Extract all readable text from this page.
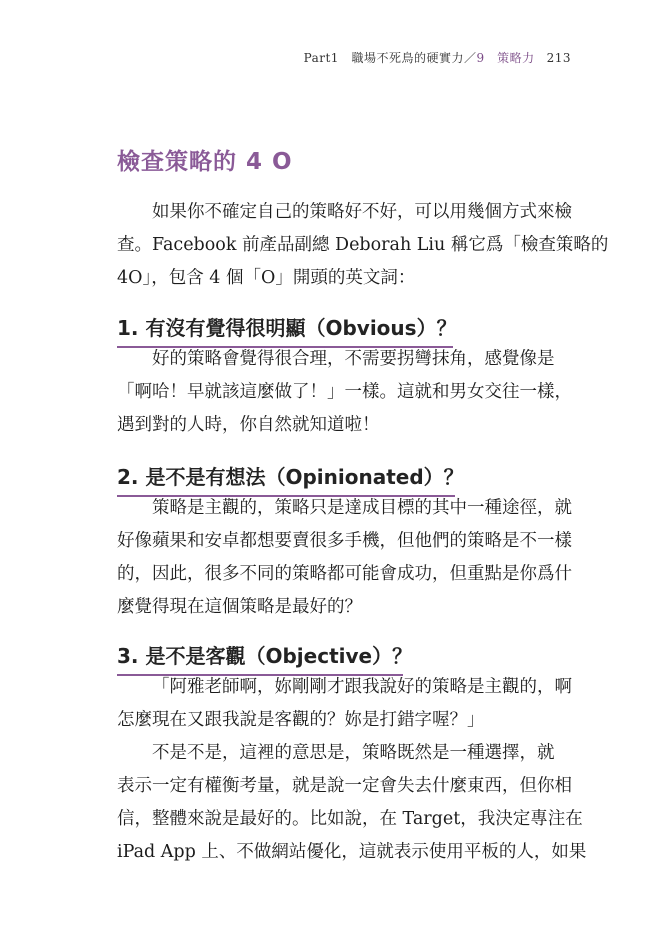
Part1　職場不死鳥的硬實力／9　策略力 213
檢查策略的 4 O
如果你不確定自己的策略好不好，可以用幾個方式來檢
查。Facebook 前產品副總 Deborah Liu 稱它爲「檢查策略的
4O」，包含 4 個「O」開頭的英文詞：
1. 有沒有覺得很明顯（Obvious）？
好的策略會覺得很合理，不需要拐彎抹角，感覺像是
「啊哈！早就該這麼做了！」一樣。這就和男女交往一樣，
遇到對的人時，你自然就知道啦！
2. 是不是有想法（Opinionated）？
策略是主觀的，策略只是達成目標的其中一種途徑，就
好像蘋果和安卓都想要賣很多手機，但他們的策略是不一樣
的，因此，很多不同的策略都可能會成功，但重點是你爲什
麼覺得現在這個策略是最好的？
3. 是不是客觀（Objective）？
「阿雅老師啊，妳剛剛才跟我說好的策略是主觀的，啊
怎麼現在又跟我說是客觀的？妳是打錯字喔？」
不是不是，這裡的意思是，策略既然是一種選擇，就
表示一定有權衡考量，就是說一定會失去什麼東西，但你相
信，整體來說是最好的。比如說，在 Target，我決定專注在
iPad App 上、不做網站優化，這就表示使用平板的人，如果
